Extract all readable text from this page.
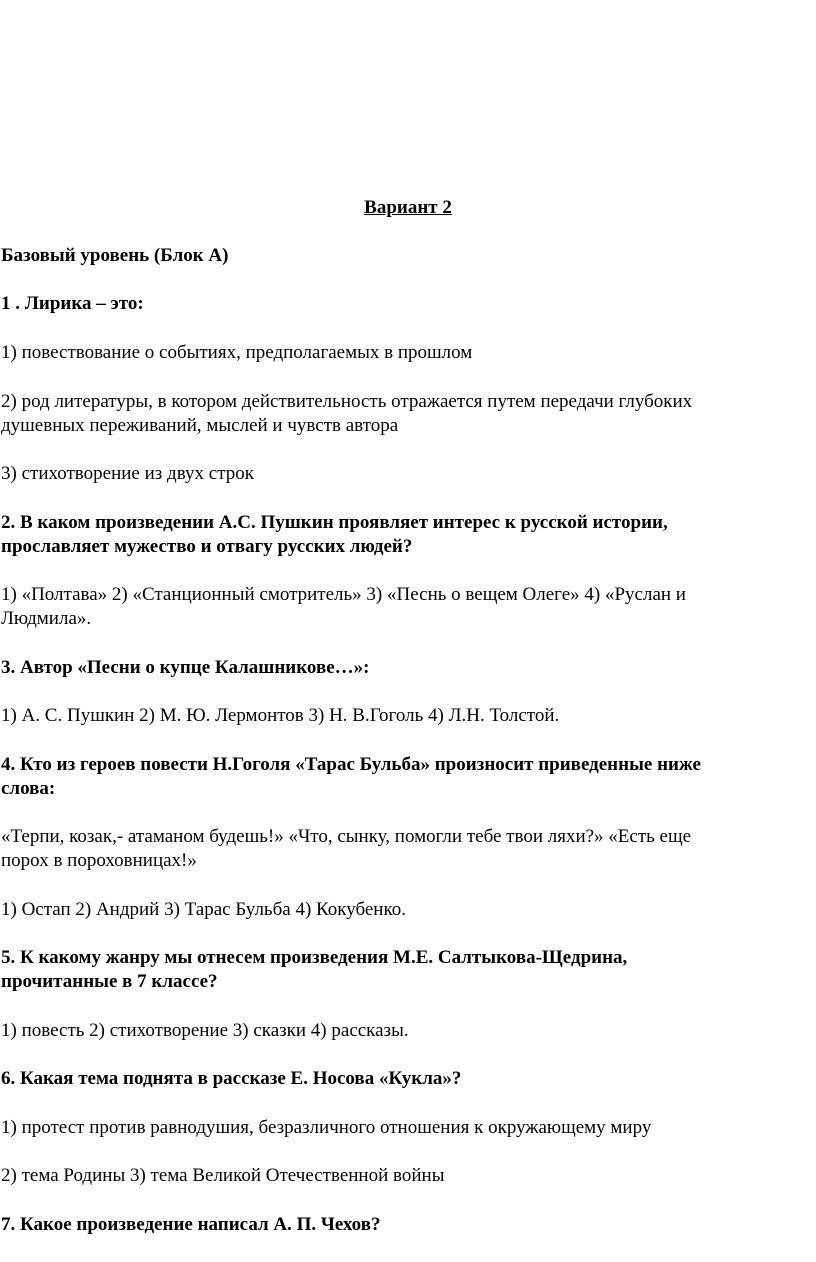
Вариант 2
Базовый уровень (Блок А)
1 . Лирика – это:
1) повествование о событиях, предполагаемых в прошлом
2) род литературы, в котором действительность отражается путем передачи глубоких
душевных переживаний, мыслей и чувств автора
3) стихотворение из двух строк
2. В каком произведении А.С. Пушкин проявляет интерес к русской истории,
прославляет мужество и отвагу русских людей?
1) «Полтава» 2) «Станционный смотритель» 3) «Песнь о вещем Олеге» 4) «Руслан и
Людмила».
3. Автор «Песни о купце Калашникове…»:
1) А. С. Пушкин 2) М. Ю. Лермонтов 3) Н. В.Гоголь 4) Л.Н. Толстой.
4. Кто из героев повести Н.Гоголя «Тарас Бульба» произносит приведенные ниже
слова:
«Терпи, козак,- атаманом будешь!» «Что, сынку, помогли тебе твои ляхи?» «Есть еще
порох в пороховницах!»
1) Остап 2) Андрий 3) Тарас Бульба 4) Кокубенко.
5. К какому жанру мы отнесем произведения М.Е. Салтыкова-Щедрина,
прочитанные в 7 классе?
1) повесть 2) стихотворение 3) сказки 4) рассказы.
6. Какая тема поднята в рассказе Е. Носова «Кукла»?
1) протест против равнодушия, безразличного отношения к окружающему миру
2) тема Родины 3) тема Великой Отечественной войны
7. Какое произведение написал А. П. Чехов?
